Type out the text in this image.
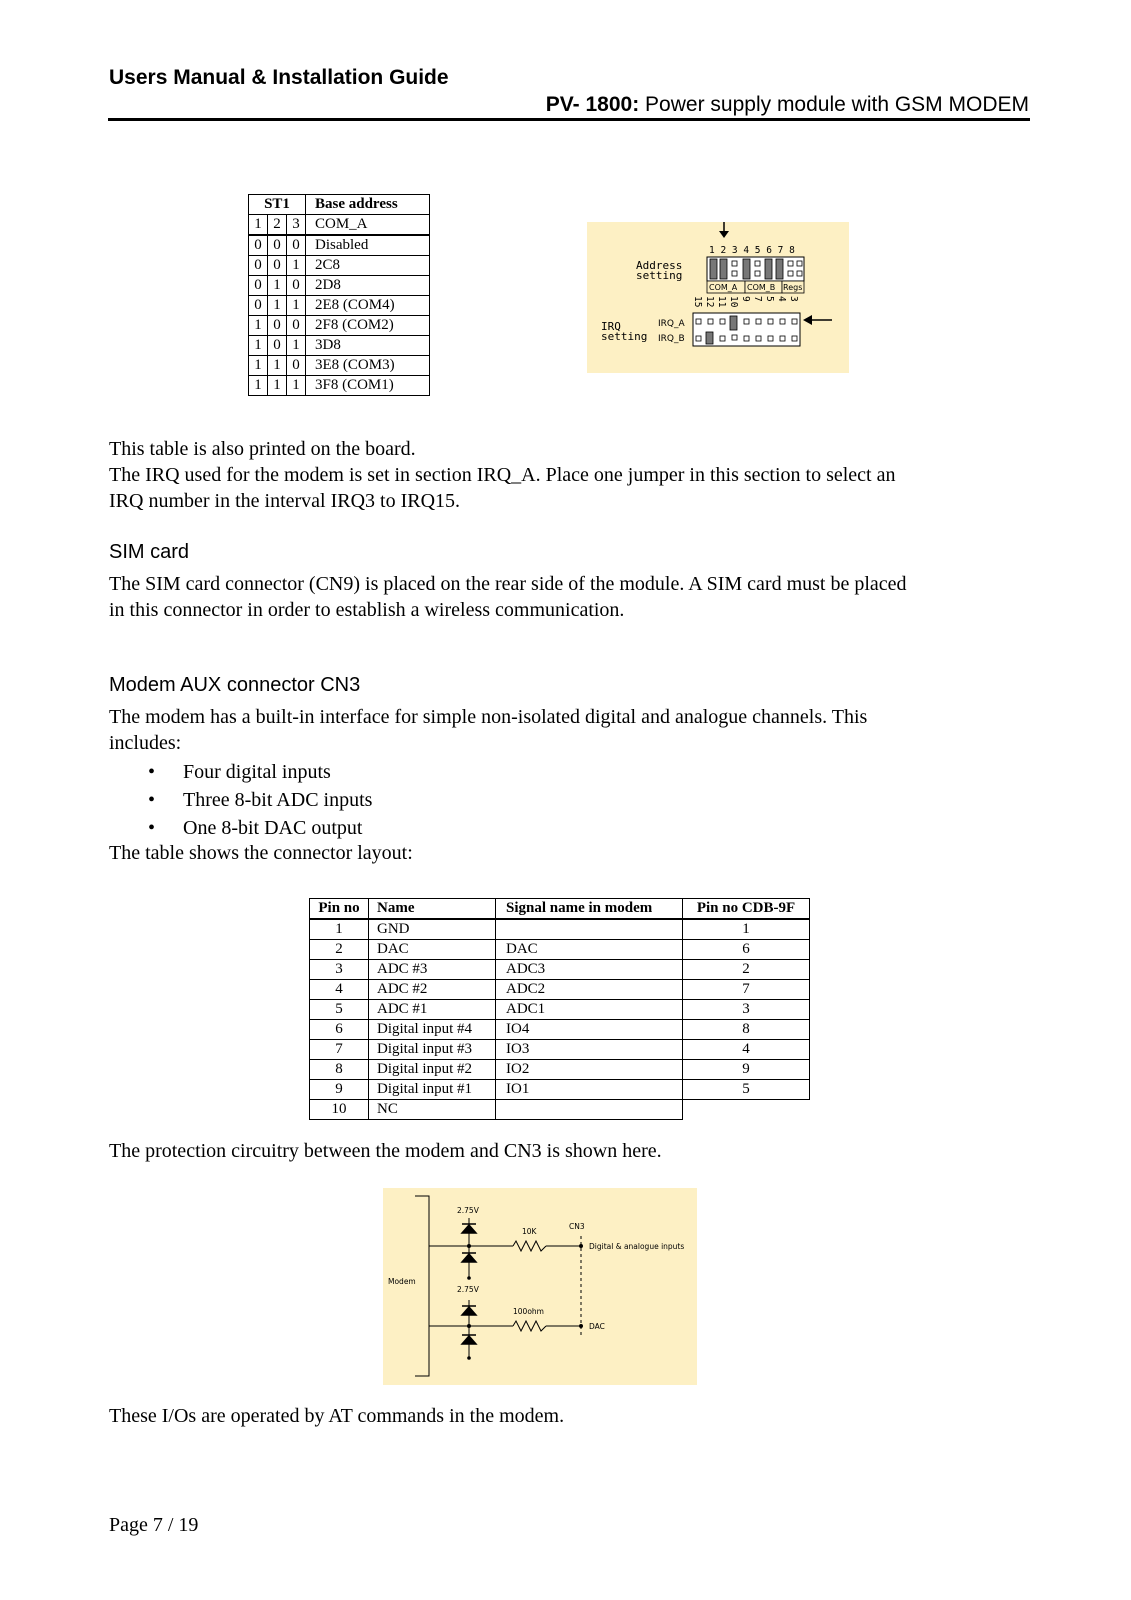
Users Manual & Installation Guide
PV- 1800: Power supply module with GSM MODEM
ST1			Base address
1	2	3	COM_A
0	0	0	Disabled
0	0	1	2C8
0	1	0	2D8
0	1	1	2E8 (COM4)
1	0	0	2F8 (COM2)
1	0	1	3D8
1	1	0	3E8 (COM3)
1	1	1	3F8 (COM1)
1 2 3 4 5 6 7 8
Address
setting
COM_A COM_B Regs
15 12 11 10 9 7 5 4 3
IRQ
setting
IRQ_A
IRQ_B
This table is also printed on the board.
The IRQ used for the modem is set in section IRQ_A. Place one jumper in this section to select an
IRQ number in the interval IRQ3 to IRQ15.
SIM card
The SIM card connector (CN9) is placed on the rear side of the module. A SIM card must be placed
in this connector in order to establish a wireless communication.
Modem AUX connector CN3
The modem has a built-in interface for simple non-isolated digital and analogue channels. This
includes:
• Four digital inputs
• Three 8-bit ADC inputs
• One 8-bit DAC output
The table shows the connector layout:
Pin no	Name	Signal name in modem	Pin no CDB-9F
1	GND		1
2	DAC	DAC	6
3	ADC #3	ADC3	2
4	ADC #2	ADC2	7
5	ADC #1	ADC1	3
6	Digital input #4	IO4	8
7	Digital input #3	IO3	4
8	Digital input #2	IO2	9
9	Digital input #1	IO1	5
10	NC		
The protection circuitry between the modem and CN3 is shown here.
Modem
2.75V
2.75V
10K
100ohm
CN3
Digital & analogue inputs
DAC
These I/Os are operated by AT commands in the modem.
Page 7 / 19
